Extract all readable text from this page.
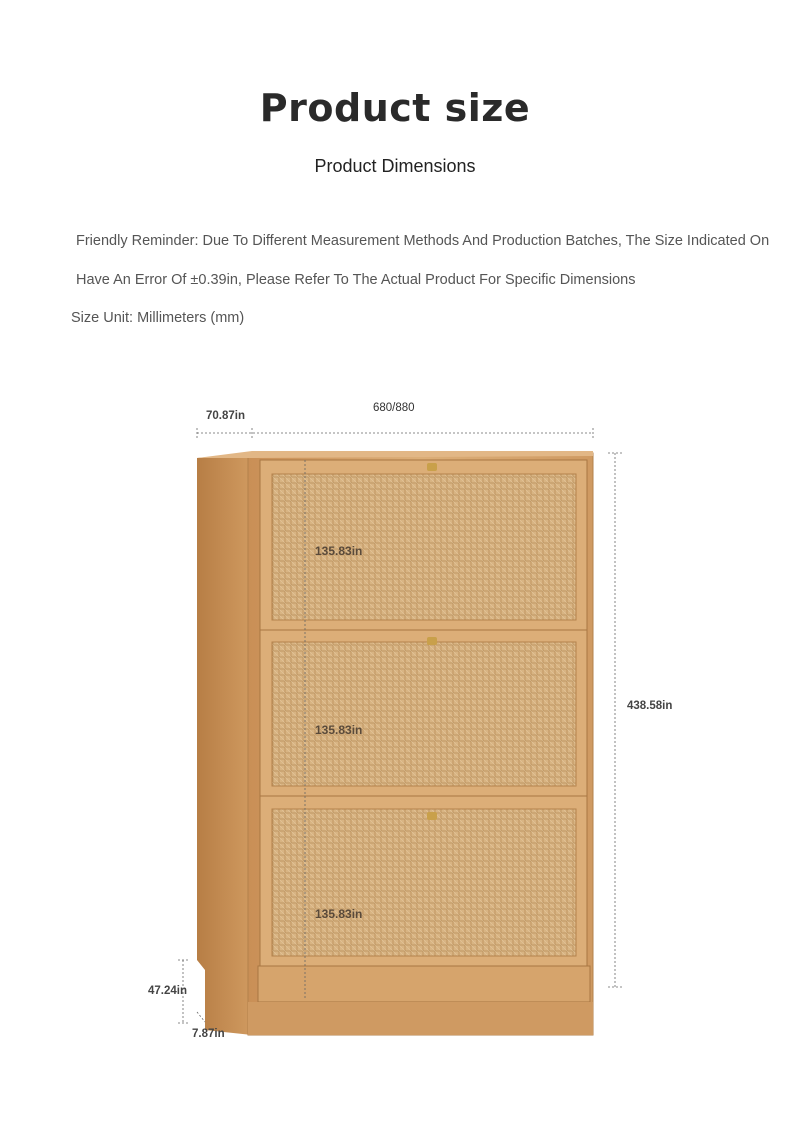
Product size
Product Dimensions
Friendly Reminder: Due To Different Measurement Methods And Production Batches, The Size Indicated On
Have An Error Of ±0.39in, Please Refer To The Actual Product For Specific Dimensions
Size Unit: Millimeters (mm)
70.87in
680/880
438.58in
135.83in
135.83in
135.83in
47.24in
7.87in
